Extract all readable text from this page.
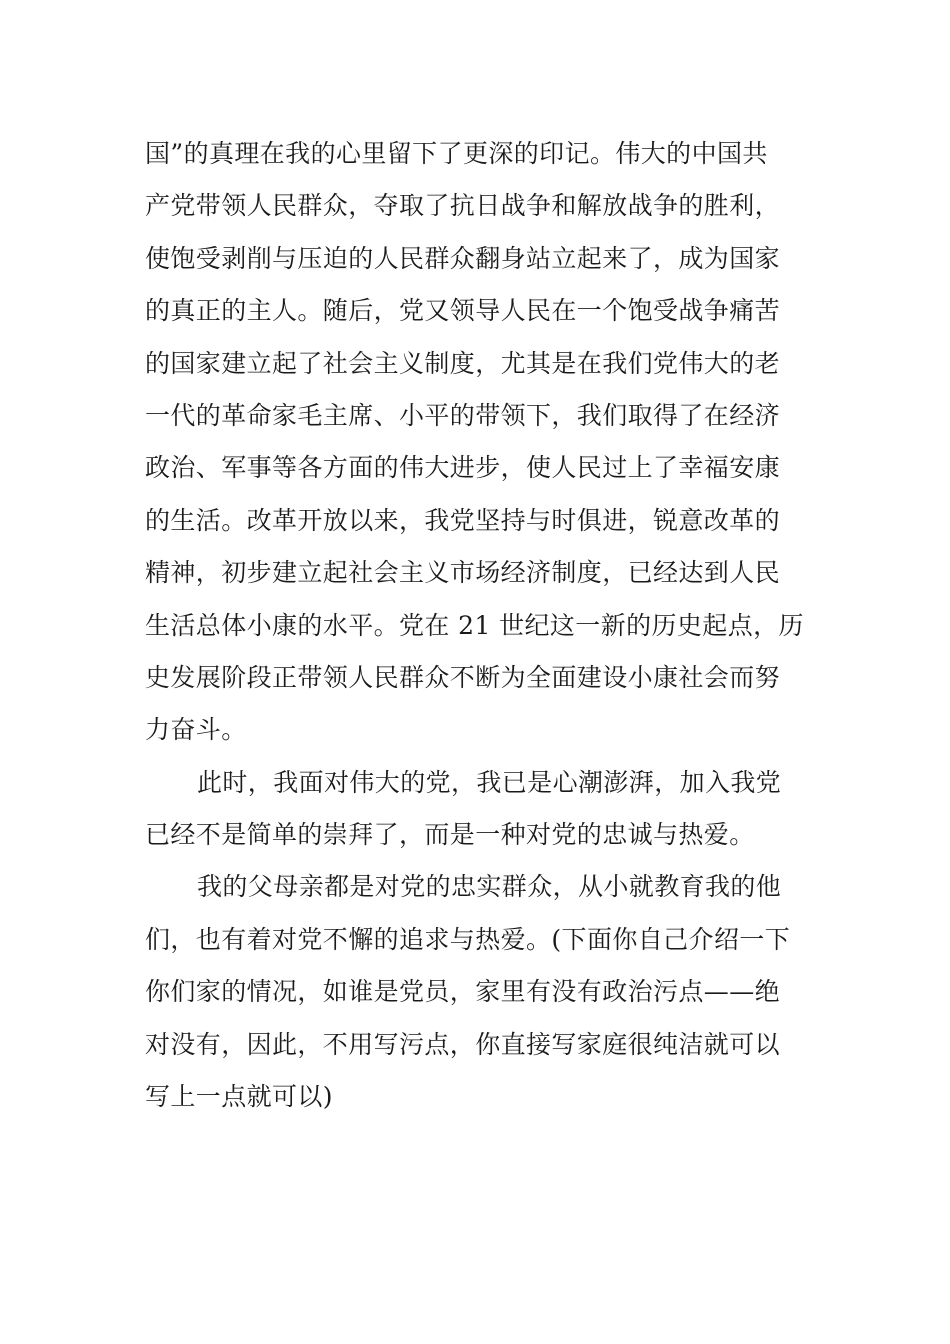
国”的真理在我的心里留下了更深的印记。伟大的中国共
产党带领人民群众，夺取了抗日战争和解放战争的胜利，
使饱受剥削与压迫的人民群众翻身站立起来了，成为国家
的真正的主人。随后，党又领导人民在一个饱受战争痛苦
的国家建立起了社会主义制度，尤其是在我们党伟大的老
一代的革命家毛主席、小平的带领下，我们取得了在经济
政治、军事等各方面的伟大进步，使人民过上了幸福安康
的生活。改革开放以来，我党坚持与时俱进，锐意改革的
精神，初步建立起社会主义市场经济制度，已经达到人民
生活总体小康的水平。党在 21 世纪这一新的历史起点，历
史发展阶段正带领人民群众不断为全面建设小康社会而努
力奋斗。
此时，我面对伟大的党，我已是心潮澎湃，加入我党
已经不是简单的崇拜了，而是一种对党的忠诚与热爱。
我的父母亲都是对党的忠实群众，从小就教育我的他
们，也有着对党不懈的追求与热爱。(下面你自己介绍一下
你们家的情况，如谁是党员，家里有没有政治污点——绝
对没有，因此，不用写污点，你直接写家庭很纯洁就可以
写上一点就可以)
